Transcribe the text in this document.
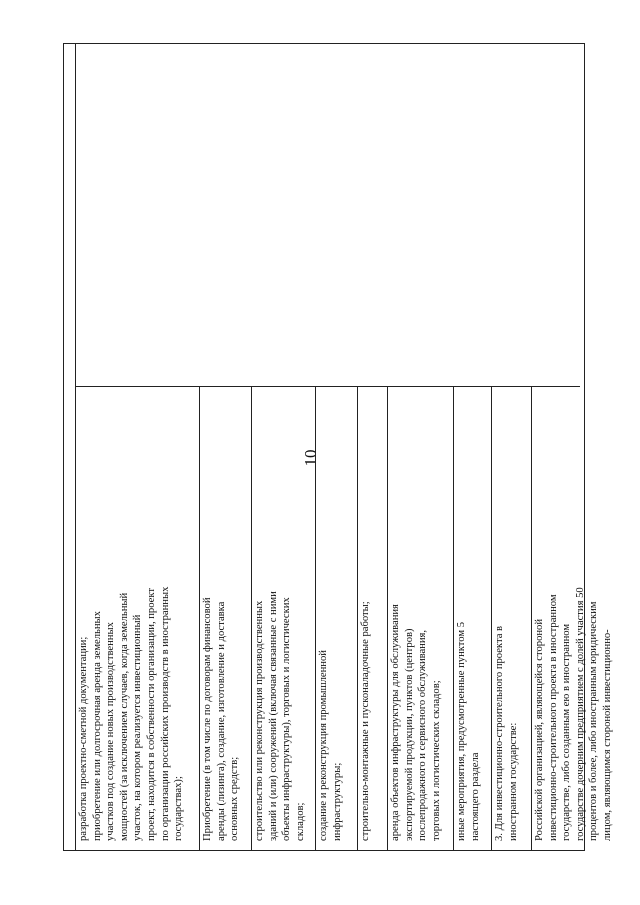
10

разработка проектно-сметной документации; приобретение или долгосрочная аренда земельных участков под создание новых производственных мощностей (за исключением случаев, когда земельный участок, на котором реализуется инвестиционный проект, находится в собственности организации, проект по организации российских производств в иностранных государствах); Приобретение (в том числе по договорам финансовой аренды (лизинга), создание, изготовление и доставка основных средств; строительство или реконструкция производственных зданий и (или) сооружений (включая связанные с ними объекты инфраструктуры), торговых и логистических складов; создание и реконструкция промышленной инфраструктуры; строительно-монтажные и пусконаладочные работы; аренда объектов инфраструктуры для обслуживания экспортируемой продукции, пунктов (центров) послепродажного и сервисного обслуживания, торговых и логистических складов; иные мероприятия, предусмотренные пунктом 5 настоящего раздела 3. Для инвестиционно-строительного проекта в иностранном государстве: Российской организацией, являющейся стороной инвестиционно-строительного проекта в иностранном государстве, либо созданным ею в иностранном государстве дочерним предприятием с долей участия 50 процентов и более, либо иностранным юридическим лицом, являющимся стороной инвестиционно-
